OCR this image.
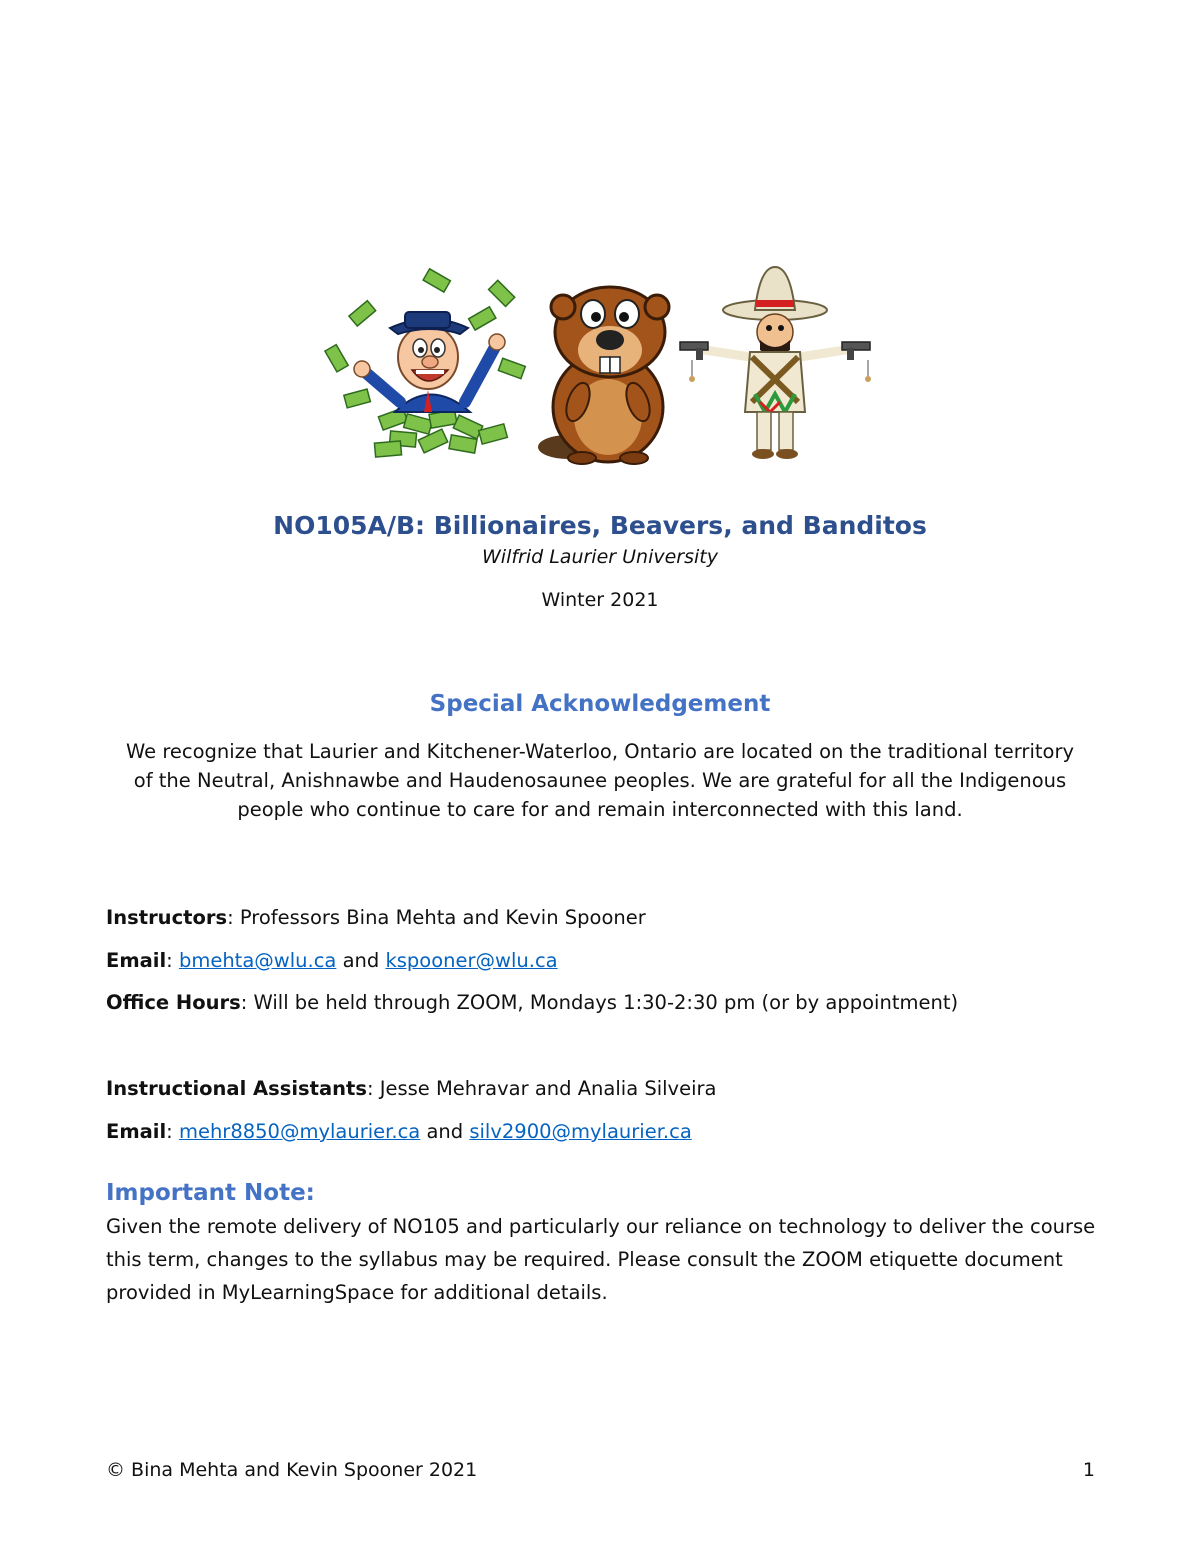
NO105A/B: Billionaires, Beavers, and Banditos
Wilfrid Laurier University
Winter 2021
Special Acknowledgement
We recognize that Laurier and Kitchener-Waterloo, Ontario are located on the traditional territory of the Neutral, Anishnawbe and Haudenosaunee peoples. We are grateful for all the Indigenous people who continue to care for and remain interconnected with this land.
Instructors: Professors Bina Mehta and Kevin Spooner
Email: bmehta@wlu.ca and kspooner@wlu.ca
Office Hours: Will be held through ZOOM, Mondays 1:30-2:30 pm (or by appointment)
Instructional Assistants: Jesse Mehravar and Analia Silveira
Email: mehr8850@mylaurier.ca and silv2900@mylaurier.ca
Important Note:
Given the remote delivery of NO105 and particularly our reliance on technology to deliver the course this term, changes to the syllabus may be required. Please consult the ZOOM etiquette document provided in MyLearningSpace for additional details.
© Bina Mehta and Kevin Spooner 2021	1
